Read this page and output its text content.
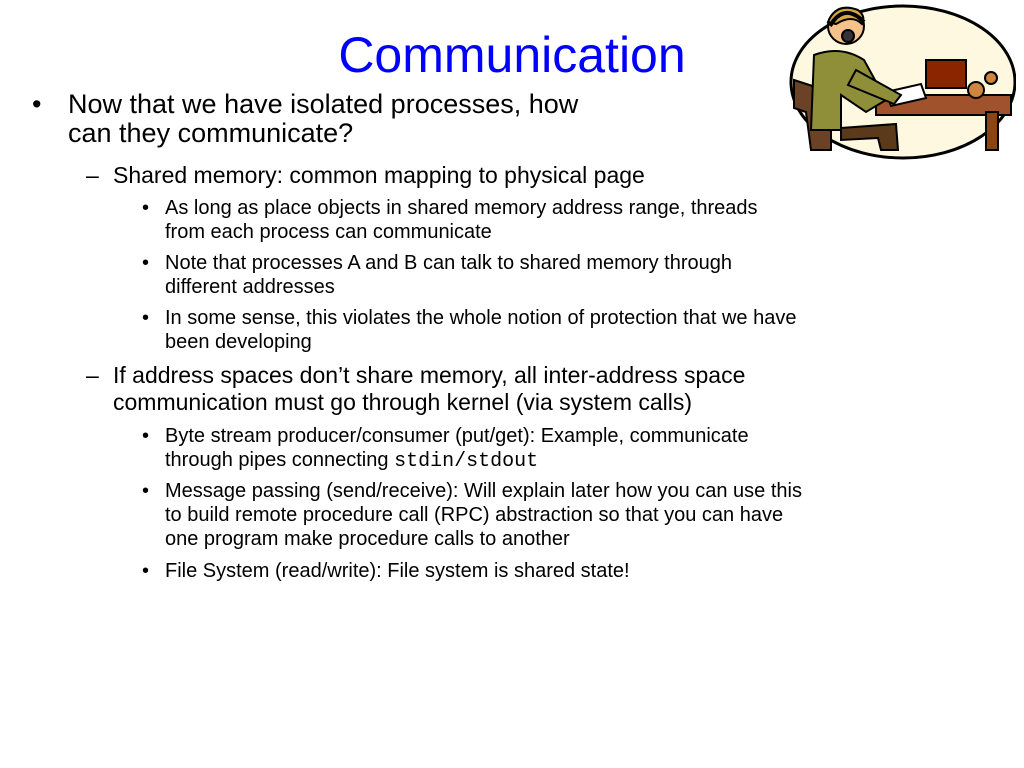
Communication
• Now that we have isolated processes, how
can they communicate?
– Shared memory: common mapping to physical page
• As long as place objects in shared memory address range, threads
from each process can communicate
• Note that processes A and B can talk to shared memory through
different addresses
• In some sense, this violates the whole notion of protection that we have
been developing
– If address spaces don’t share memory, all inter-address space
communication must go through kernel (via system calls)
• Byte stream producer/consumer (put/get): Example, communicate
through pipes connecting stdin/stdout
• Message passing (send/receive): Will explain later how you can use this
to build remote procedure call (RPC) abstraction so that you can have
one program make procedure calls to another
• File System (read/write): File system is shared state!
